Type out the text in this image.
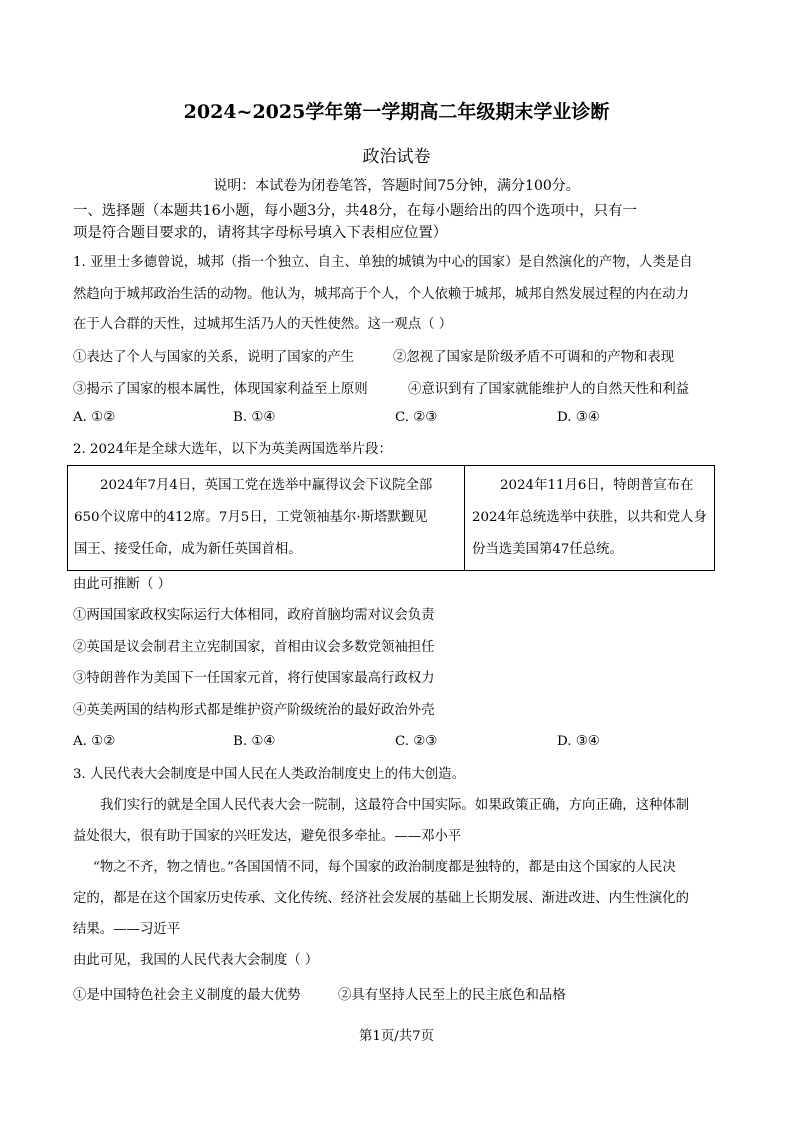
2024~2025学年第一学期高二年级期末学业诊断
政治试卷
说明：本试卷为闭卷笔答，答题时间75分钟，满分100分。
一、选择题（本题共16小题，每小题3分，共48分，在每小题给出的四个选项中，只有一
项是符合题目要求的，请将其字母标号填入下表相应位置）
1. 亚里士多德曾说，城邦（指一个独立、自主、单独的城镇为中心的国家）是自然演化的产物，人类是自
然趋向于城邦政治生活的动物。他认为，城邦高于个人，个人依赖于城邦，城邦自然发展过程的内在动力
在于人合群的天性，过城邦生活乃人的天性使然。这一观点（ ）
①表达了个人与国家的关系，说明了国家的产生	②忽视了国家是阶级矛盾不可调和的产物和表现
③揭示了国家的根本属性，体现国家利益至上原则	④意识到有了国家就能维护人的自然天性和利益
A. ①②	B. ①④	C. ②③	D. ③④
2. 2024年是全球大选年，以下为英美两国选举片段：
2024年7月4日，英国工党在选举中赢得议会下议院全部
650个议席中的412席。7月5日，工党领袖基尔·斯塔默觐见
国王、接受任命，成为新任英国首相。
2024年11月6日，特朗普宣布在
2024年总统选举中获胜，以共和党人身
份当选美国第47任总统。
由此可推断（ ）
①两国国家政权实际运行大体相同，政府首脑均需对议会负责
②英国是议会制君主立宪制国家，首相由议会多数党领袖担任
③特朗普作为美国下一任国家元首，将行使国家最高行政权力
④英美两国的结构形式都是维护资产阶级统治的最好政治外壳
A. ①②	B. ①④	C. ②③	D. ③④
3. 人民代表大会制度是中国人民在人类政治制度史上的伟大创造。
我们实行的就是全国人民代表大会一院制，这最符合中国实际。如果政策正确，方向正确，这种体制
益处很大，很有助于国家的兴旺发达，避免很多牵扯。——邓小平
“物之不齐，物之情也。”各国国情不同，每个国家的政治制度都是独特的，都是由这个国家的人民决
定的，都是在这个国家历史传承、文化传统、经济社会发展的基础上长期发展、渐进改进、内生性演化的
结果。——习近平
由此可见，我国的人民代表大会制度（ ）
①是中国特色社会主义制度的最大优势	②具有坚持人民至上的民主底色和品格
第1页/共7页
